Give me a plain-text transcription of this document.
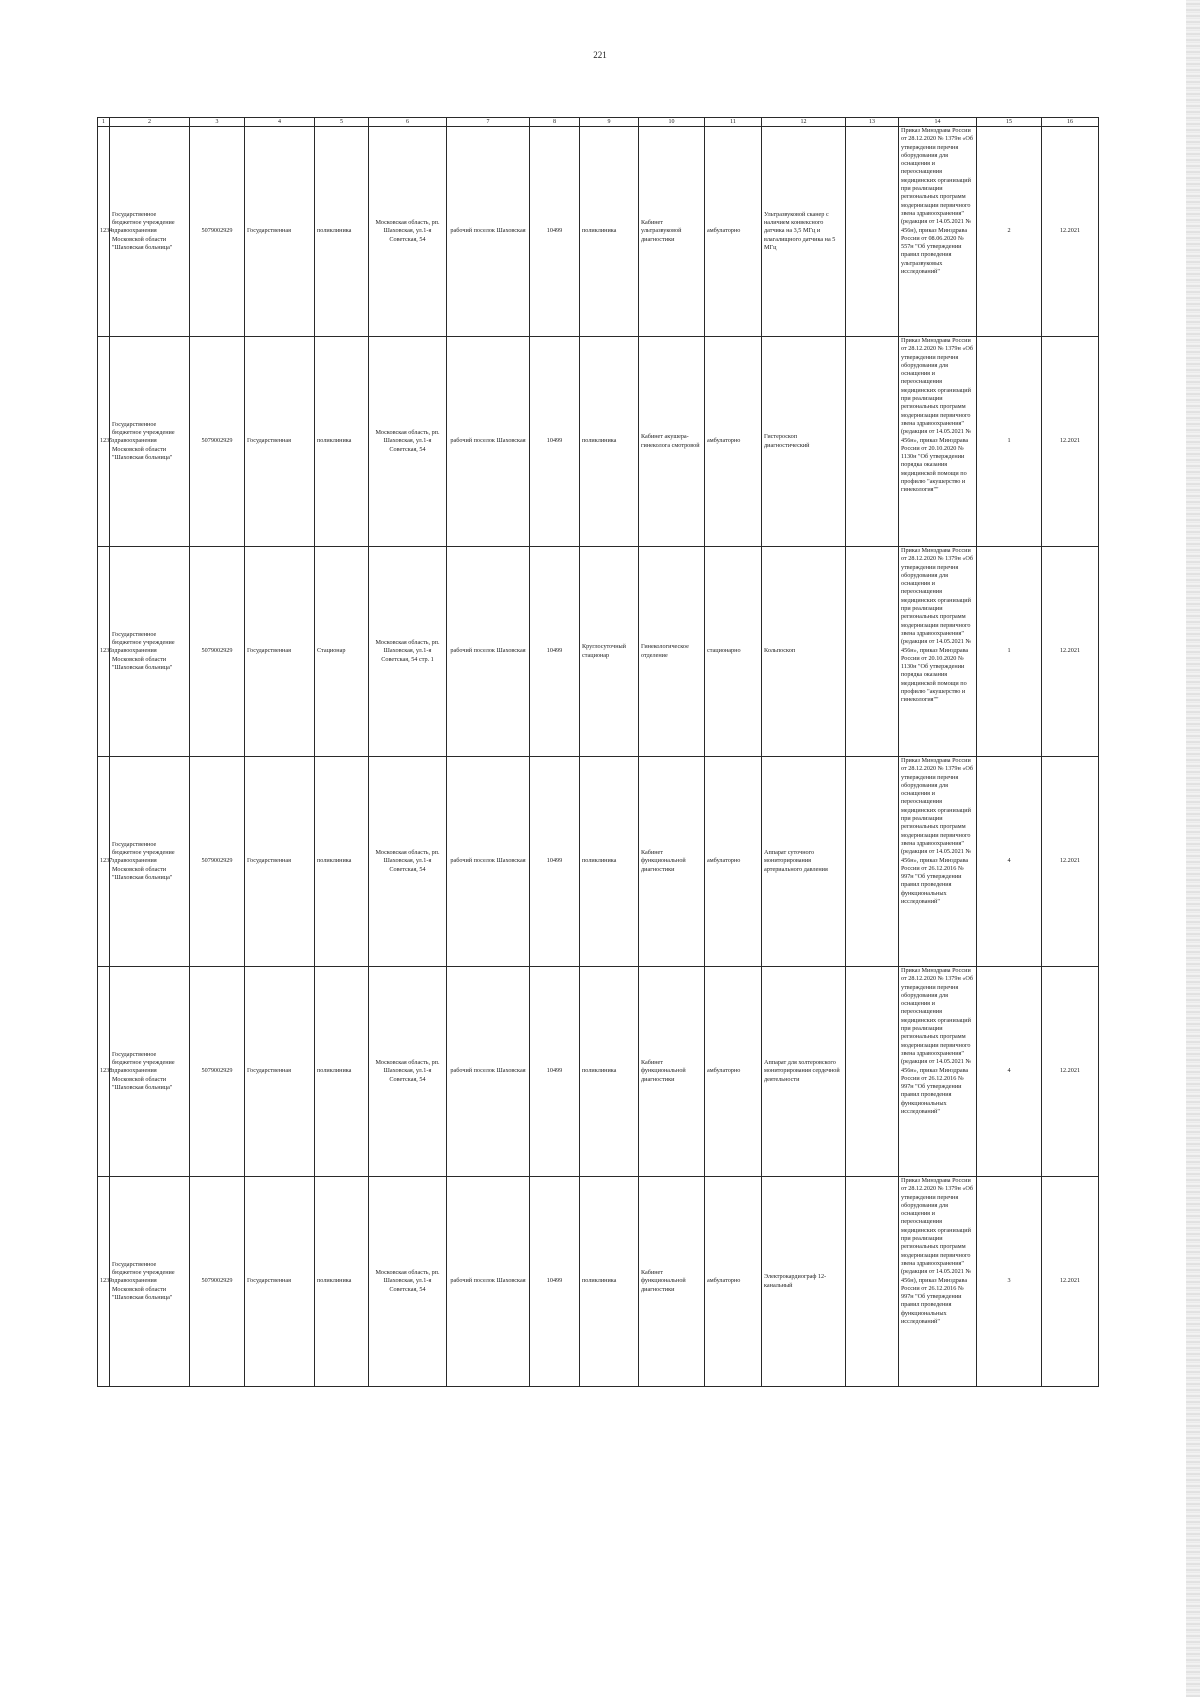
221
1	2	3	4	5	6	7	8	9	10	11	12	13	14	15	16
1234	Государственное бюджетное учреждение здравоохранения Московской области "Шаховская больница"	5079002929	Государственная	поликлиника	Московская область, рп. Шаховская, ул.1-я Советская, 54	рабочий поселок Шаховская	10499	поликлиника	Кабинет ультразвуковой диагностики	амбулаторно	Ультразвуковой сканер с наличием конвексного датчика на 3,5 МГц и влагалищного датчика на 5 МГц		Приказ Минздрава России от 28.12.2020 № 1379н «Об утверждении перечня оборудования для оснащения и переоснащения медицинских организаций при реализации региональных программ модернизации первичного звена здравоохранения"(редакция от 14.05.2021 № 456н), приказ Минздрава России от 08.06.2020 № 557н "Об утверждении правил проведения ультразвуковых исследований"	2	12.2021
1235	Государственное бюджетное учреждение здравоохранения Московской области "Шаховская больница"	5079002929	Государственная	поликлиника	Московская область, рп. Шаховская, ул.1-я Советская, 54	рабочий поселок Шаховская	10499	поликлиника	Кабинет акушера-гинеколога смотровой	амбулаторно	Гистероскоп диагностический		Приказ Минздрава России от 28.12.2020 № 1379н «Об утверждении перечня оборудования для оснащения и переоснащения медицинских организаций при реализации региональных программ модернизации первичного звена здравоохранения"(редакция от 14.05.2021 № 456н», приказ Минздрава России от 20.10.2020 № 1130н "Об утверждении порядка оказания медицинской помощи по профилю "акушерство и гинекология""	1	12.2021
1236	Государственное бюджетное учреждение здравоохранения Московской области "Шаховская больница"	5079002929	Государственная	Стационар	Московская область, рп. Шаховская, ул.1-я Советская, 54 стр. 1	рабочий поселок Шаховская	10499	Круглосуточный стационар	Гинекологическое отделение	стационарно	Кольпоскоп		Приказ Минздрава России от 28.12.2020 № 1379н «Об утверждении перечня оборудования для оснащения и переоснащения медицинских организаций при реализации региональных программ модернизации первичного звена здравоохранения"(редакция от 14.05.2021 № 456н», приказ Минздрава России от 20.10.2020 № 1130н "Об утверждении порядка оказания медицинской помощи по профилю "акушерство и гинекология""	1	12.2021
1237	Государственное бюджетное учреждение здравоохранения Московской области "Шаховская больница"	5079002929	Государственная	поликлиника	Московская область, рп. Шаховская, ул.1-я Советская, 54	рабочий поселок Шаховская	10499	поликлиника	Кабинет функциональной диагностики	амбулаторно	Аппарат суточного мониторирования артериального давления		Приказ Минздрава России от 28.12.2020 № 1379н «Об утверждении перечня оборудования для оснащения и переоснащения медицинских организаций при реализации региональных программ модернизации первичного звена здравоохранения"(редакция от 14.05.2021 № 456н», приказ Минздрава России от 26.12.2016 № 997н "Об утверждении правил проведения функциональных исследований"	4	12.2021
1238	Государственное бюджетное учреждение здравоохранения Московской области "Шаховская больница"	5079002929	Государственная	поликлиника	Московская область, рп. Шаховская, ул.1-я Советская, 54	рабочий поселок Шаховская	10499	поликлиника	Кабинет функциональной диагностики	амбулаторно	Аппарат для холтеровского мониторирования сердечной деятельности		Приказ Минздрава России от 28.12.2020 № 1379н «Об утверждении перечня оборудования для оснащения и переоснащения медицинских организаций при реализации региональных программ модернизации первичного звена здравоохранения"(редакция от 14.05.2021 № 456н», приказ Минздрава России от 26.12.2016 № 997н "Об утверждении правил проведения функциональных исследований"	4	12.2021
1239	Государственное бюджетное учреждение здравоохранения Московской области "Шаховская больница"	5079002929	Государственная	поликлиника	Московская область, рп. Шаховская, ул.1-я Советская, 54	рабочий поселок Шаховская	10499	поликлиника	Кабинет функциональной диагностики	амбулаторно	Электрокардиограф 12-канальный		Приказ Минздрава России от 28.12.2020 № 1379н «Об утверждении перечня оборудования для оснащения и переоснащения медицинских организаций при реализации региональных программ модернизации первичного звена здравоохранения"(редакция от 14.05.2021 № 456н), приказ Минздрава России от 26.12.2016 № 997н "Об утверждении правил проведения функциональных исследований"	3	12.2021
